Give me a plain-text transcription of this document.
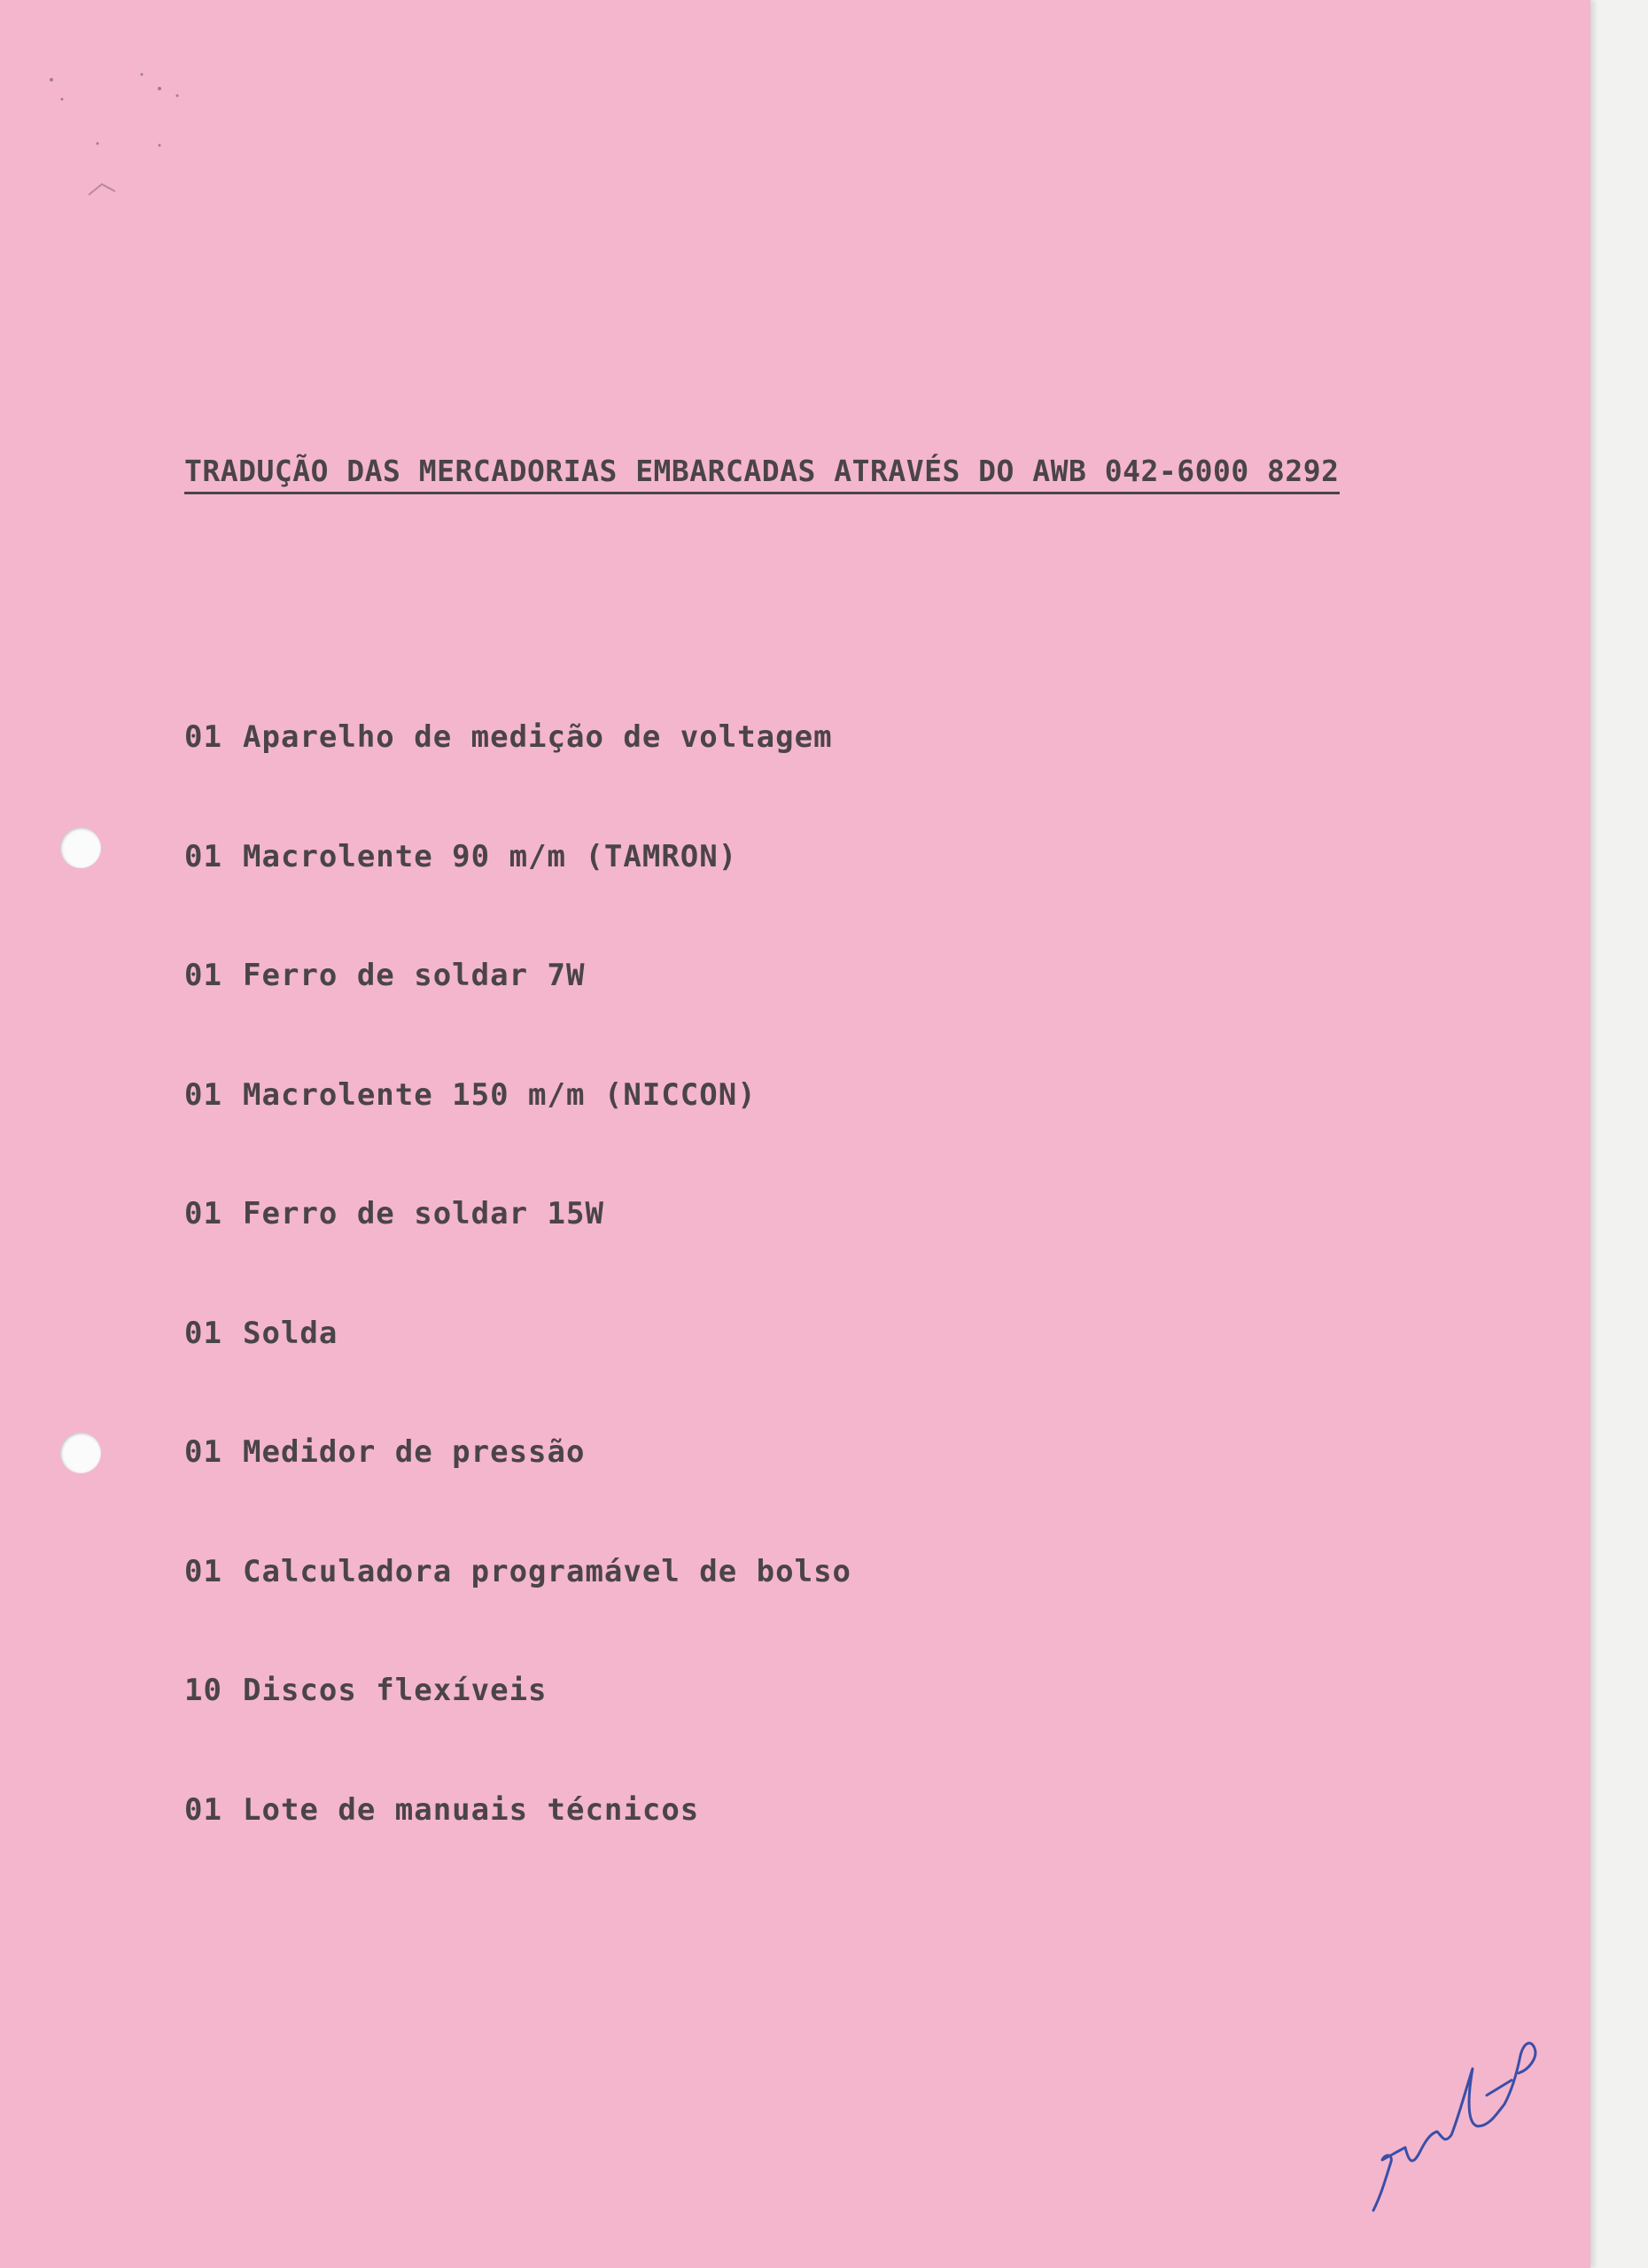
TRADUÇÃO DAS MERCADORIAS EMBARCADAS ATRAVÉS DO AWB 042-6000 8292

01 Aparelho de medição de voltagem

01 Macrolente 90 m/m (TAMRON)

01 Ferro de soldar 7W

01 Macrolente 150 m/m (NICCON)

01 Ferro de soldar 15W

01 Solda

01 Medidor de pressão

01 Calculadora programável de bolso

10 Discos flexíveis

01 Lote de manuais técnicos
